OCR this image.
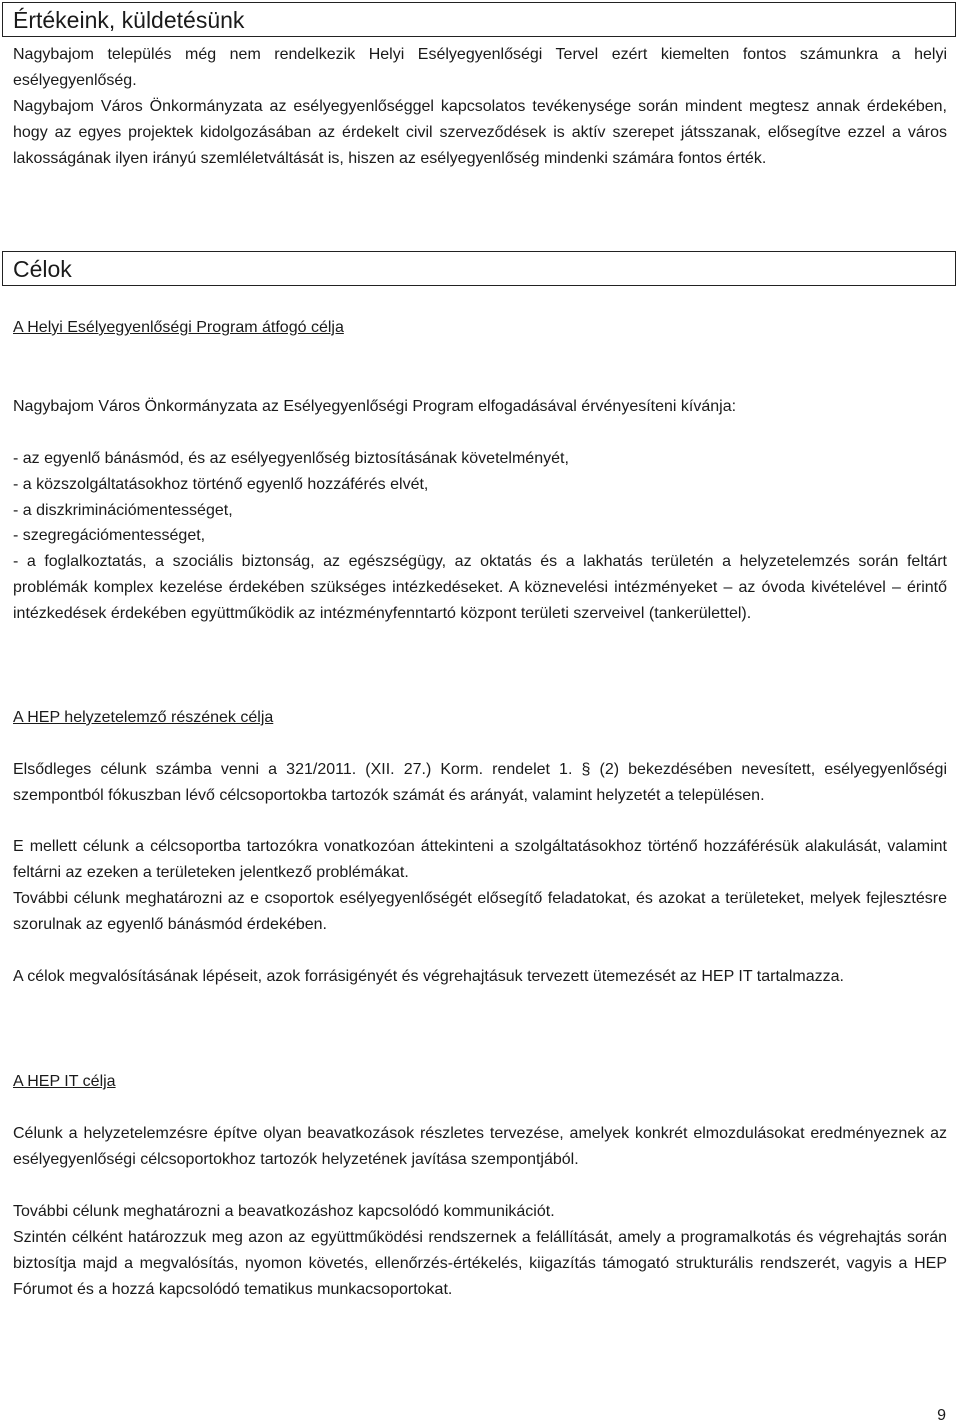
Értékeink, küldetésünk

Nagybajom település még nem rendelkezik Helyi Esélyegyenlőségi Tervel ezért kiemelten fontos számunkra a helyi esélyegyenlőség.

Nagybajom Város Önkormányzata az esélyegyenlőséggel kapcsolatos tevékenysége során mindent megtesz annak érdekében, hogy az egyes projektek kidolgozásában az érdekelt civil szerveződések is aktív szerepet játsszanak, elősegítve ezzel a város lakosságának ilyen irányú szemléletváltását is, hiszen az esélyegyenlőség mindenki számára fontos érték.

Célok

A Helyi Esélyegyenlőségi Program átfogó célja

Nagybajom Város Önkormányzata az Esélyegyenlőségi Program elfogadásával érvényesíteni kívánja:

- az egyenlő bánásmód, és az esélyegyenlőség biztosításának követelményét,
- a közszolgáltatásokhoz történő egyenlő hozzáférés elvét,
- a diszkriminációmentességet,
- szegregációmentességet,
- a foglalkoztatás, a szociális biztonság, az egészségügy, az oktatás és a lakhatás területén a helyzetelemzés során feltárt problémák komplex kezelése érdekében szükséges intézkedéseket. A köznevelési intézményeket – az óvoda kivételével – érintő intézkedések érdekében együttműködik az intézményfenntartó központ területi szerveivel (tankerülettel).

A HEP helyzetelemző részének célja

Elsődleges célunk számba venni a 321/2011. (XII. 27.) Korm. rendelet 1. § (2) bekezdésében nevesített, esélyegyenlőségi szempontból fókuszban lévő célcsoportokba tartozók számát és arányát, valamint helyzetét a településen.

E mellett célunk a célcsoportba tartozókra vonatkozóan áttekinteni a szolgáltatásokhoz történő hozzáférésük alakulását, valamint feltárni az ezeken a területeken jelentkező problémákat.

További célunk meghatározni az e csoportok esélyegyenlőségét elősegítő feladatokat, és azokat a területeket, melyek fejlesztésre szorulnak az egyenlő bánásmód érdekében.

A célok megvalósításának lépéseit, azok forrásigényét és végrehajtásuk tervezett ütemezését az HEP IT tartalmazza.

A HEP IT célja

Célunk a helyzetelemzésre építve olyan beavatkozások részletes tervezése, amelyek konkrét elmozdulásokat eredményeznek az esélyegyenlőségi célcsoportokhoz tartozók helyzetének javítása szempontjából.

További célunk meghatározni a beavatkozáshoz kapcsolódó kommunikációt.

Szintén célként határozzuk meg azon az együttműködési rendszernek a felállítását, amely a programalkotás és végrehajtás során biztosítja majd a megvalósítás, nyomon követés, ellenőrzés-értékelés, kiigazítás támogató strukturális rendszerét, vagyis a HEP Fórumot és a hozzá kapcsolódó tematikus munkacsoportokat.

9
